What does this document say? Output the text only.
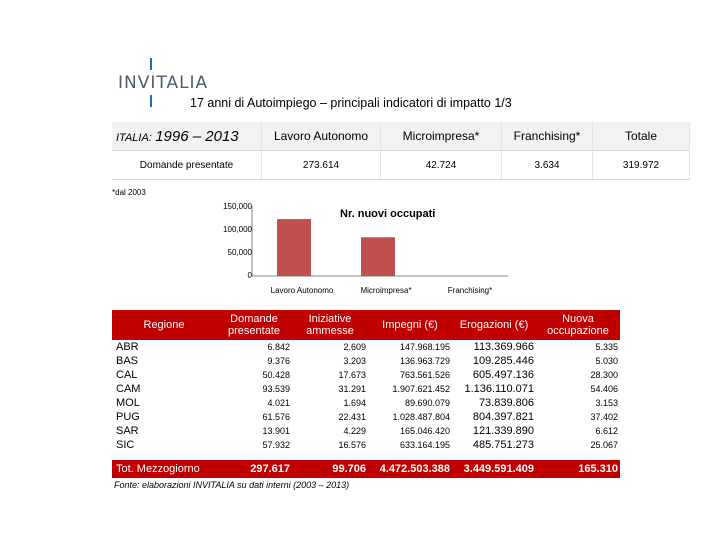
INVITALIA
17 anni di Autoimpiego – principali indicatori di impatto 1/3
ITALIA: 1996 – 2013	Lavoro Autonomo	Microimpresa*	Franchising*	Totale
Domande presentate	273.614	42.724	3.634	319.972
*dal 2003
Nr. nuovi occupati
150,000
100,000
50,000
0
Lavoro Autonomo	Microimpresa*	Franchising*
Regione	Domande presentate	Iniziative ammesse	Impegni (€)	Erogazioni (€)	Nuova occupazione
ABR	6.842	2.609	147.968.195	113.369.966	5.335
BAS	9.376	3.203	136.963.729	109.285.446	5.030
CAL	50.428	17.673	763.561.526	605.497.136	28.300
CAM	93.539	31.291	1.907.621.452	1.136.110.071	54.406
MOL	4.021	1.694	89.690.079	73.839.806	3.153
PUG	61.576	22.431	1.028.487.804	804.397.821	37.402
SAR	13.901	4.229	165.046.420	121.339.890	6.612
SIC	57.932	16.576	633.164.195	485.751.273	25.067

Tot. Mezzogiorno	297.617	99.706	4.472.503.388	3.449.591.409	165.310
Fonte: elaborazioni INVITALIA su dati interni (2003 – 2013)
